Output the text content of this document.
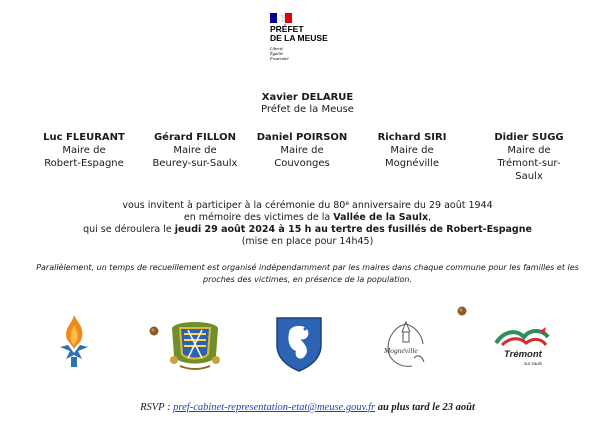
PRÉFET
DE LA MEUSE
Liberté
Égalité
Fraternité
Xavier DELARUE
Préfet de la Meuse
Luc FLEURANT
Maire de
Robert-Espagne
Gérard FILLON
Maire de
Beurey-sur-Saulx
Daniel POIRSON
Maire de
Couvonges
Richard SIRI
Maire de
Mognéville
Didier SUGG
Maire de
Trémont-sur-
Saulx
vous invitent à participer à la cérémonie du 80e anniversaire du 29 août 1944
en mémoire des victimes de la Vallée de la Saulx,
qui se déroulera le jeudi 29 août 2024 à 15 h au tertre des fusillés de Robert-Espagne
(mise en place pour 14h45)
Parallèlement, un temps de recueillement est organisé indépendamment par les maires dans chaque commune pour les familles et les proches des victimes, en présence de la population.
Mognéville	Trémont
sur saulx
RSVP : pref-cabinet-representation-etat@meuse.gouv.fr au plus tard le 23 août
